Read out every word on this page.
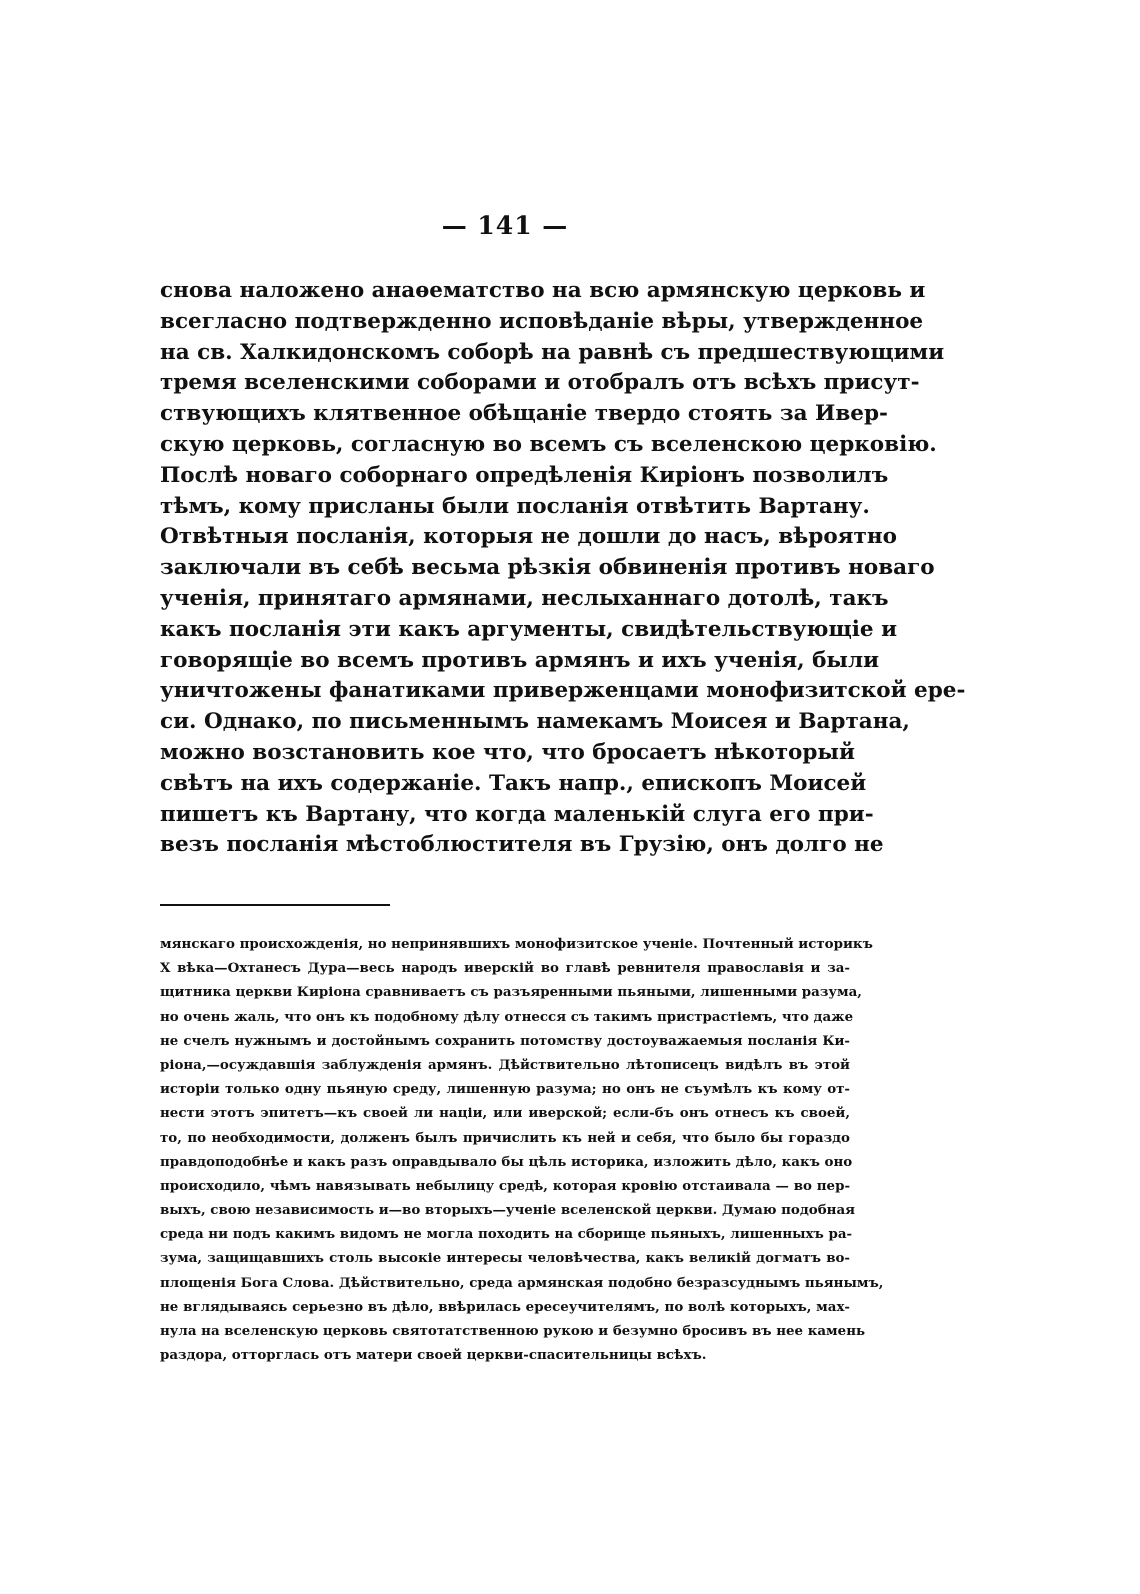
— 141 —
снова наложено анаѳематство на всю армянскую церковь и
всегласно подтвержденно исповѣданіе вѣры, утвержденное
на св. Халкидонскомъ соборѣ на равнѣ съ предшествующими
тремя вселенскими соборами и отобралъ отъ всѣхъ присут-
ствующихъ клятвенное обѣщаніе твердо стоять за Ивер-
скую церковь, согласную во всемъ съ вселенскою церковію.
Послѣ новаго соборнаго опредѣленія Киріонъ позволилъ
тѣмъ, кому присланы были посланія отвѣтить Вартану.
Отвѣтныя посланія, которыя не дошли до насъ, вѣроятно
заключали въ себѣ весьма рѣзкія обвиненія противъ новаго
ученія, принятаго армянами, неслыханнаго дотолѣ, такъ
какъ посланія эти какъ аргументы, свидѣтельствующіе и
говорящіе во всемъ противъ армянъ и ихъ ученія, были
уничтожены фанатиками приверженцами монофизитской ере-
си. Однако, по письменнымъ намекамъ Моисея и Вартана,
можно возстановить кое что, что бросаетъ нѣкоторый
свѣтъ на ихъ содержаніе. Такъ напр., епископъ Моисей
пишетъ къ Вартану, что когда маленькій слуга его при-
везъ посланія мѣстоблюстителя въ Грузію, онъ долго не
мянскаго происхожденія, но непринявшихъ монофизитское ученіе. Почтенный историкъ
X вѣка—Охтанесъ Дура—весь народъ иверскій во главѣ ревнителя православія и за-
щитника церкви Киріона сравниваетъ съ разъяренными пьяными, лишенными разума,
но очень жаль, что онъ къ подобному дѣлу отнесся съ такимъ пристрастіемъ, что даже
не счелъ нужнымъ и достойнымъ сохранить потомству достоуважаемыя посланія Ки-
ріона,—осуждавшія заблужденія армянъ. Дѣйствительно лѣтописецъ видѣлъ въ этой
исторіи только одну пьяную среду, лишенную разума; но онъ не съумѣлъ къ кому от-
нести этотъ эпитетъ—къ своей ли націи, или иверской; если-бъ онъ отнесъ къ своей,
то, по необходимости, долженъ былъ причислить къ ней и себя, что было бы гораздо
правдоподобнѣе и какъ разъ оправдывало бы цѣль историка, изложить дѣло, какъ оно
происходило, чѣмъ навязывать небылицу средѣ, которая кровію отстаивала — во пер-
выхъ, свою независимость и—во вторыхъ—ученіе вселенской церкви. Думаю подобная
среда ни подъ какимъ видомъ не могла походить на сборище пьяныхъ, лишенныхъ ра-
зума, защищавшихъ столь высокіе интересы человѣчества, какъ великій догматъ во-
площенія Бога Слова. Дѣйствительно, среда армянская подобно безразсуднымъ пьянымъ,
не вглядываясь серьезно въ дѣло, ввѣрилась ересеучителямъ, по волѣ которыхъ, мах-
нула на вселенскую церковь святотатственною рукою и безумно бросивъ въ нее камень
раздора, отторглась отъ матери своей церкви-спасительницы всѣхъ.
